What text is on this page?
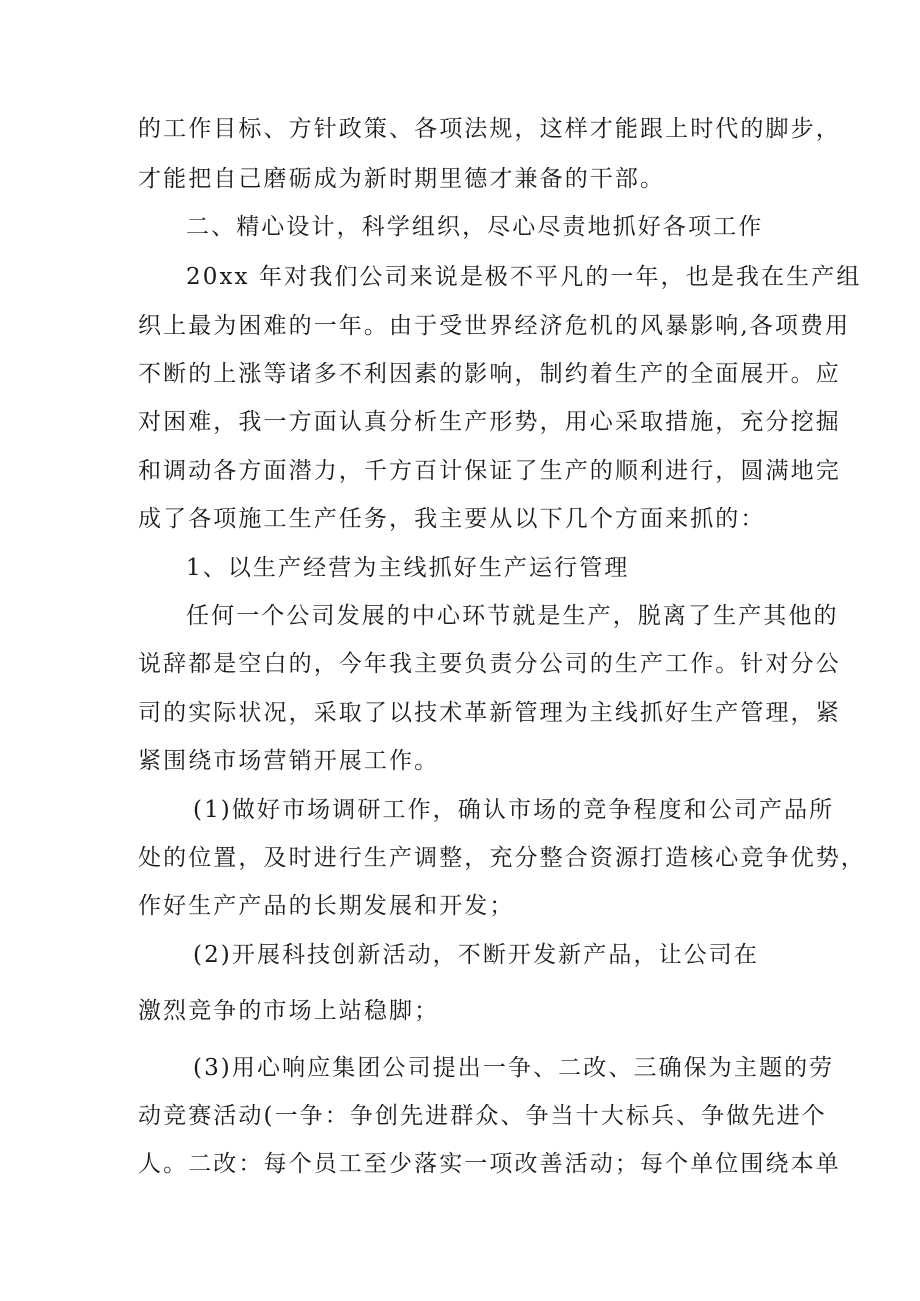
的工作目标、方针政策、各项法规，这样才能跟上时代的脚步，
才能把自己磨砺成为新时期里德才兼备的干部。
二、精心设计，科学组织，尽心尽责地抓好各项工作
20xx 年对我们公司来说是极不平凡的一年，也是我在生产组
织上最为困难的一年。由于受世界经济危机的风暴影响,各项费用
不断的上涨等诸多不利因素的影响，制约着生产的全面展开。应
对困难，我一方面认真分析生产形势，用心采取措施，充分挖掘
和调动各方面潜力，千方百计保证了生产的顺利进行，圆满地完
成了各项施工生产任务，我主要从以下几个方面来抓的：
1、以生产经营为主线抓好生产运行管理
任何一个公司发展的中心环节就是生产，脱离了生产其他的
说辞都是空白的，今年我主要负责分公司的生产工作。针对分公
司的实际状况，采取了以技术革新管理为主线抓好生产管理，紧
紧围绕市场营销开展工作。
(1)做好市场调研工作，确认市场的竞争程度和公司产品所
处的位置，及时进行生产调整，充分整合资源打造核心竞争优势，
作好生产产品的长期发展和开发；
(2)开展科技创新活动，不断开发新产品，让公司在
激烈竞争的市场上站稳脚；
(3)用心响应集团公司提出一争、二改、三确保为主题的劳
动竞赛活动(一争：争创先进群众、争当十大标兵、争做先进个
人。二改：每个员工至少落实一项改善活动；每个单位围绕本单
